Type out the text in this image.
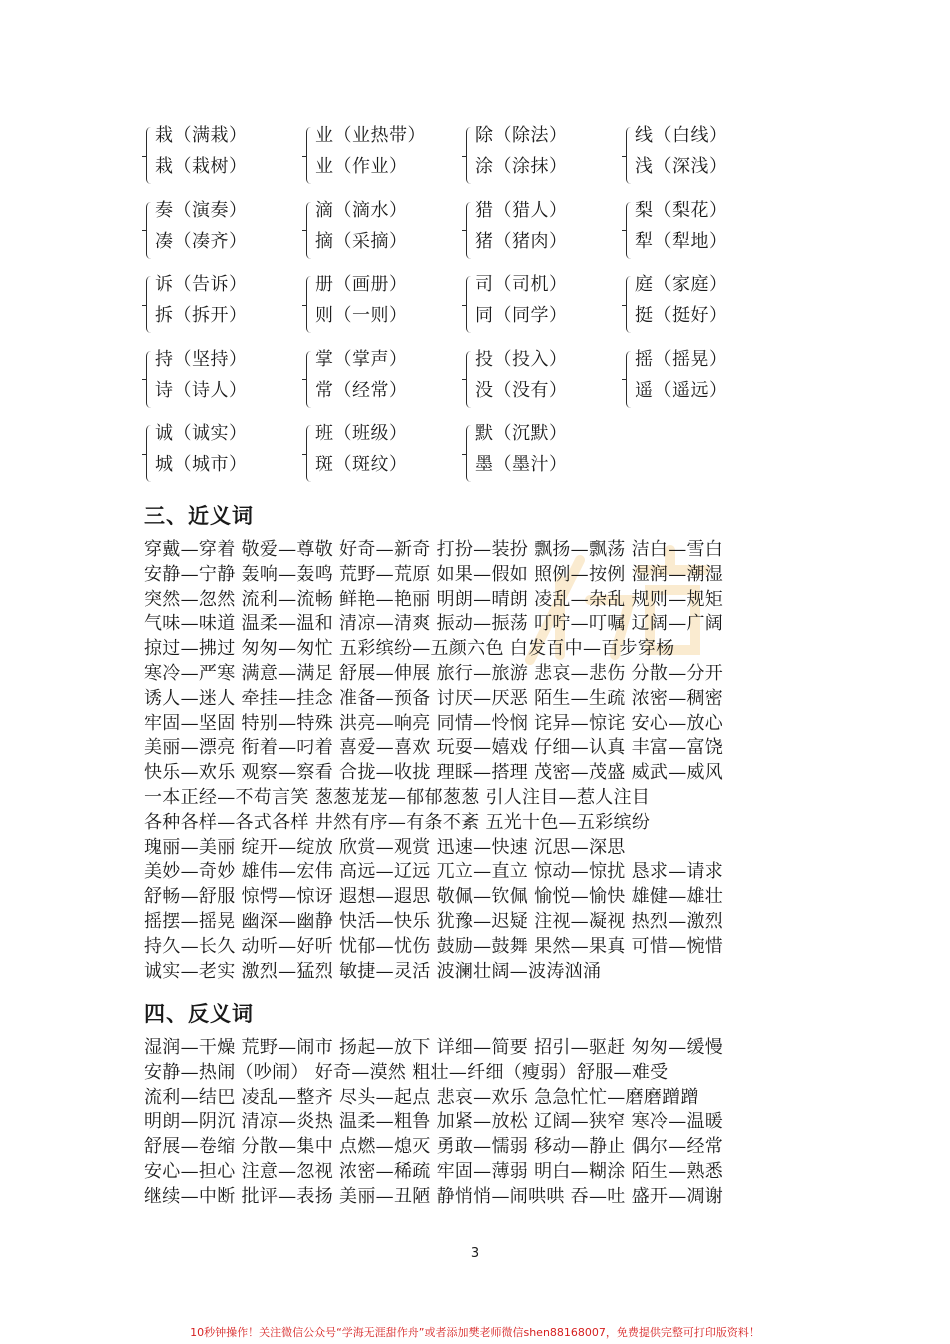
栽（满栽）
栽（栽树）
业（业热带）
业（作业）
除（除法）
涂（涂抹）
线（白线）
浅（深浅）
奏（演奏）
凑（凑齐）
滴（滴水）
摘（采摘）
猎（猎人）
猪（猪肉）
梨（梨花）
犁（犁地）
诉（告诉）
拆（拆开）
册（画册）
则（一则）
司（司机）
同（同学）
庭（家庭）
挺（挺好）
持（坚持）
诗（诗人）
掌（掌声）
常（经常）
投（投入）
没（没有）
摇（摇晃）
遥（遥远）
诚（诚实）
城（城市）
班（班级）
斑（斑纹）
默（沉默）
墨（墨汁）
三、近义词
穿戴—穿着 敬爱—尊敬 好奇—新奇 打扮—装扮 飘扬—飘荡 洁白—雪白
安静—宁静 轰响—轰鸣 荒野—荒原 如果—假如 照例—按例 湿润—潮湿
突然—忽然 流利—流畅 鲜艳—艳丽 明朗—晴朗 凌乱—杂乱 规则—规矩
气味—味道 温柔—温和 清凉—清爽 振动—振荡 叮咛—叮嘱 辽阔—广阔
掠过—拂过 匆匆—匆忙 五彩缤纷—五颜六色 白发百中—百步穿杨
寒冷—严寒 满意—满足 舒展—伸展 旅行—旅游 悲哀—悲伤 分散—分开
诱人—迷人 牵挂—挂念 准备—预备 讨厌—厌恶 陌生—生疏 浓密—稠密
牢固—坚固 特别—特殊 洪亮—响亮 同情—怜悯 诧异—惊诧 安心—放心
美丽—漂亮 衔着—叼着 喜爱—喜欢 玩耍—嬉戏 仔细—认真 丰富—富饶
快乐—欢乐 观察—察看 合拢—收拢 理睬—搭理 茂密—茂盛 威武—威风
一本正经—不苟言笑 葱葱茏茏—郁郁葱葱 引人注目—惹人注目
各种各样—各式各样 井然有序—有条不紊 五光十色—五彩缤纷
瑰丽—美丽 绽开—绽放 欣赏—观赏 迅速—快速 沉思—深思
美妙—奇妙 雄伟—宏伟 高远—辽远 兀立—直立 惊动—惊扰 恳求—请求
舒畅—舒服 惊愕—惊讶 遐想—遐思 敬佩—钦佩 愉悦—愉快 雄健—雄壮
摇摆—摇晃 幽深—幽静 快活—快乐 犹豫—迟疑 注视—凝视 热烈—激烈
持久—长久 动听—好听 忧郁—忧伤 鼓励—鼓舞 果然—果真 可惜—惋惜
诚实—老实 激烈—猛烈 敏捷—灵活 波澜壮阔—波涛汹涌
四、反义词
湿润—干燥 荒野—闹市 扬起—放下 详细—简要 招引—驱赶 匆匆—缓慢
安静—热闹（吵闹） 好奇—漠然 粗壮—纤细（瘦弱）舒服—难受
流利—结巴 凌乱—整齐 尽头—起点 悲哀—欢乐 急急忙忙—磨磨蹭蹭
明朗—阴沉 清凉—炎热 温柔—粗鲁 加紧—放松 辽阔—狭窄 寒冷—温暖
舒展—卷缩 分散—集中 点燃—熄灭 勇敢—懦弱 移动—静止 偶尔—经常
安心—担心 注意—忽视 浓密—稀疏 牢固—薄弱 明白—糊涂 陌生—熟悉
继续—中断 批评—表扬 美丽—丑陋 静悄悄—闹哄哄 吞—吐 盛开—凋谢
3
10秒钟操作！关注微信公众号“学海无涯甜作舟”或者添加樊老师微信shen88168007，免费提供完整可打印版资料！
